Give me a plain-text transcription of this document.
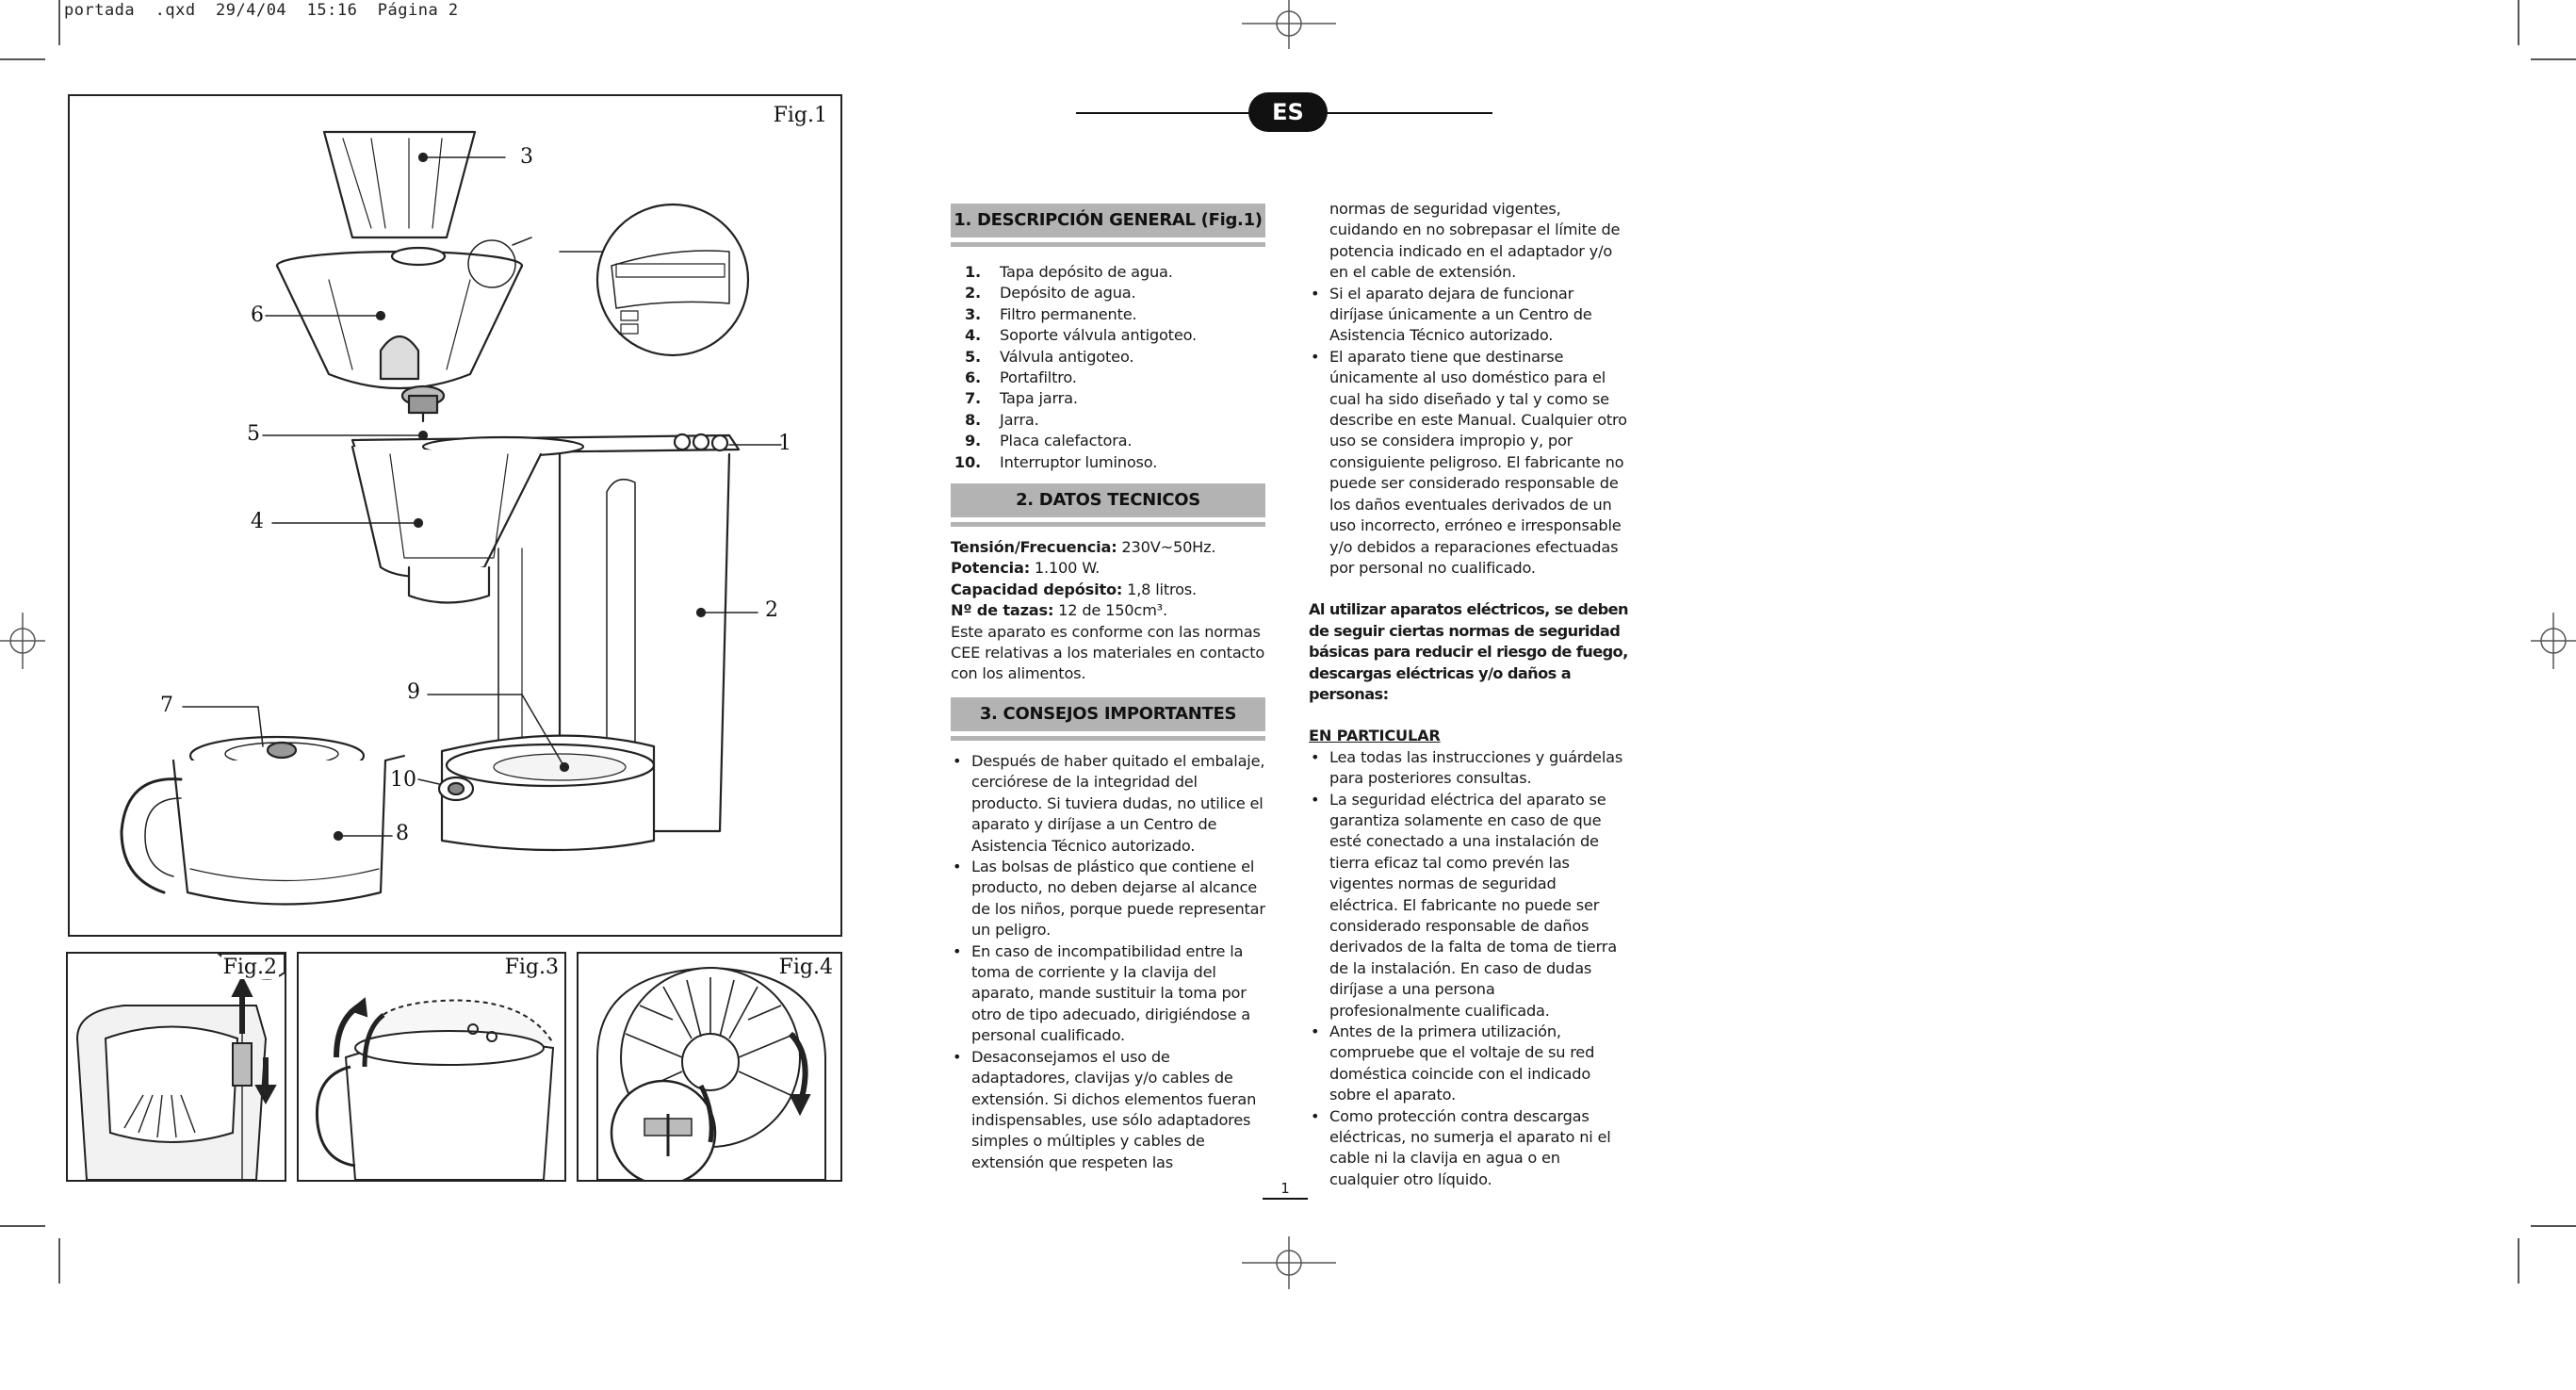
portada  .qxd  29/4/04  15:16  Página 2
Fig.1
3
6
5	1
4
2
9
7
10
8
Fig.2	Fig.3	Fig.4
ES
1. DESCRIPCIÓN GENERAL (Fig.1)
1. Tapa depósito de agua.
2. Depósito de agua.
3. Filtro permanente.
4. Soporte válvula antigoteo.
5. Válvula antigoteo.
6. Portafiltro.
7. Tapa jarra.
8. Jarra.
9. Placa calefactora.
10. Interruptor luminoso.
2. DATOS TECNICOS
Tensión/Frecuencia: 230V~50Hz.
Potencia: 1.100 W.
Capacidad depósito: 1,8 litros.
Nº de tazas: 12 de 150cm³.
Este aparato es conforme con las normas CEE relativas a los materiales en contacto con los alimentos.
3. CONSEJOS IMPORTANTES
• Después de haber quitado el embalaje, cerciórese de la integridad del producto. Si tuviera dudas, no utilice el aparato y diríjase a un Centro de Asistencia Técnico autorizado.
• Las bolsas de plástico que contiene el producto, no deben dejarse al alcance de los niños, porque puede representar un peligro.
• En caso de incompatibilidad entre la toma de corriente y la clavija del aparato, mande sustituir la toma por otro de tipo adecuado, dirigiéndose a personal cualificado.
• Desaconsejamos el uso de adaptadores, clavijas y/o cables de extensión. Si dichos elementos fueran indispensables, use sólo adaptadores simples o múltiples y cables de extensión que respeten las
normas de seguridad vigentes, cuidando en no sobrepasar el límite de potencia indicado en el adaptador y/o en el cable de extensión.
• Si el aparato dejara de funcionar diríjase únicamente a un Centro de Asistencia Técnico autorizado.
• El aparato tiene que destinarse únicamente al uso doméstico para el cual ha sido diseñado y tal y como se describe en este Manual. Cualquier otro uso se considera impropio y, por consiguiente peligroso. El fabricante no puede ser considerado responsable de los daños eventuales derivados de un uso incorrecto, erróneo e irresponsable y/o debidos a reparaciones efectuadas por personal no cualificado.
Al utilizar aparatos eléctricos, se deben de seguir ciertas normas de seguridad básicas para reducir el riesgo de fuego, descargas eléctricas y/o daños a personas:
EN PARTICULAR
• Lea todas las instrucciones y guárdelas para posteriores consultas.
• La seguridad eléctrica del aparato se garantiza solamente en caso de que esté conectado a una instalación de tierra eficaz tal como prevén las vigentes normas de seguridad eléctrica. El fabricante no puede ser considerado responsable de daños derivados de la falta de toma de tierra de la instalación. En caso de dudas diríjase a una persona profesionalmente cualificada.
• Antes de la primera utilización, compruebe que el voltaje de su red doméstica coincide con el indicado sobre el aparato.
• Como protección contra descargas eléctricas, no sumerja el aparato ni el cable ni la clavija en agua o en cualquier otro líquido.
1
